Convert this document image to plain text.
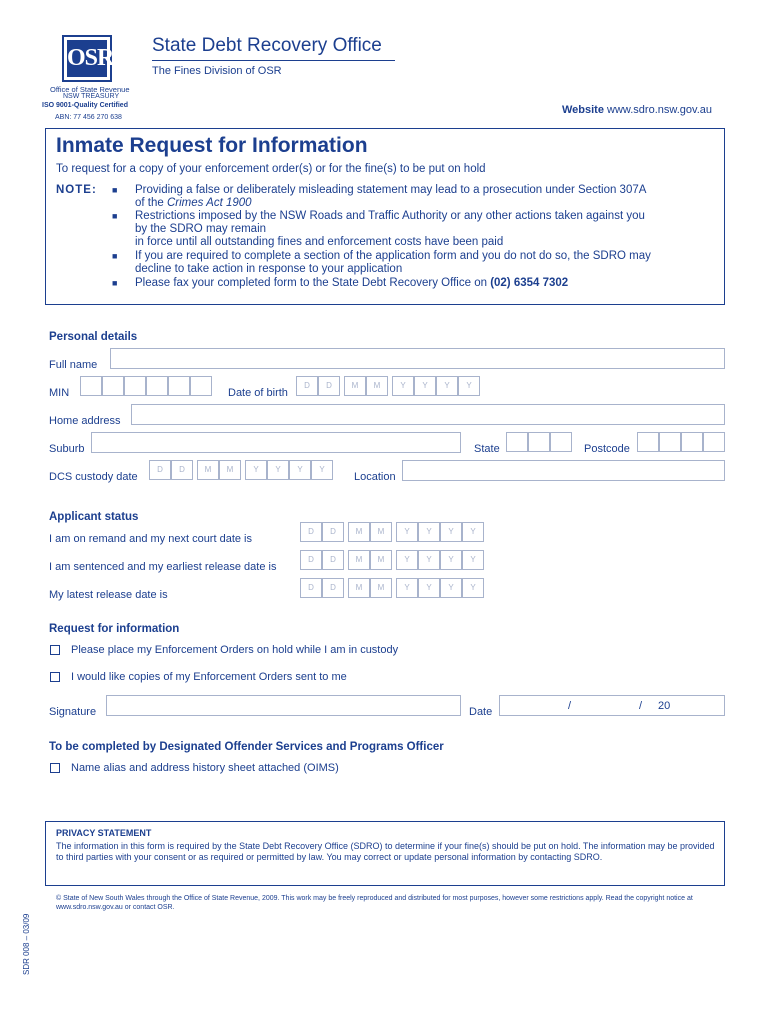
OSR
Office of State Revenue
NSW TREASURY
ISO 9001-Quality Certified
ABN: 77 456 270 638
State Debt Recovery Office
The Fines Division of OSR
Website www.sdro.nsw.gov.au
Inmate Request for Information
To request for a copy of your enforcement order(s) or for the fine(s) to be put on hold
NOTE: ■ Providing a false or deliberately misleading statement may lead to a prosecution under Section 307A
of the Crimes Act 1900
■ Restrictions imposed by the NSW Roads and Traffic Authority or any other actions taken against you
by the SDRO may remain
in force until all outstanding fines and enforcement costs have been paid
■ If you are required to complete a section of the application form and you do not do so, the SDRO may
decline to take action in response to your application
■ Please fax your completed form to the State Debt Recovery Office on (02) 6354 7302
Personal details
Full name
MIN	Date of birth
D	D	M	M	Y	Y	Y	Y
Home address
Suburb	State	Postcode
DCS custody date
D	D	M	M	Y	Y	Y	Y
Location
Applicant status
I am on remand and my next court date is
D	D	M	M	Y	Y	Y	Y
I am sentenced and my earliest release date is
D	D	M	M	Y	Y	Y	Y
My latest release date is
D	D	M	M	Y	Y	Y	Y
Request for information
Please place my Enforcement Orders on hold while I am in custody
I would like copies of my Enforcement Orders sent to me
Signature	Date	/	/ 20
To be completed by Designated Offender Services and Programs Officer
Name alias and address history sheet attached (OIMS)
PRIVACY STATEMENT
The information in this form is required by the State Debt Recovery Office (SDRO) to determine if your fine(s) should be put on hold. The information may be provided to third parties with your consent or as required or permitted by law. You may correct or update personal information by contacting SDRO.
© State of New South Wales through the Office of State Revenue, 2009. This work may be freely reproduced and distributed for most purposes, however some restrictions apply. Read the copyright notice at www.sdro.nsw.gov.au or contact OSR.
SDR 008 – 03/09
